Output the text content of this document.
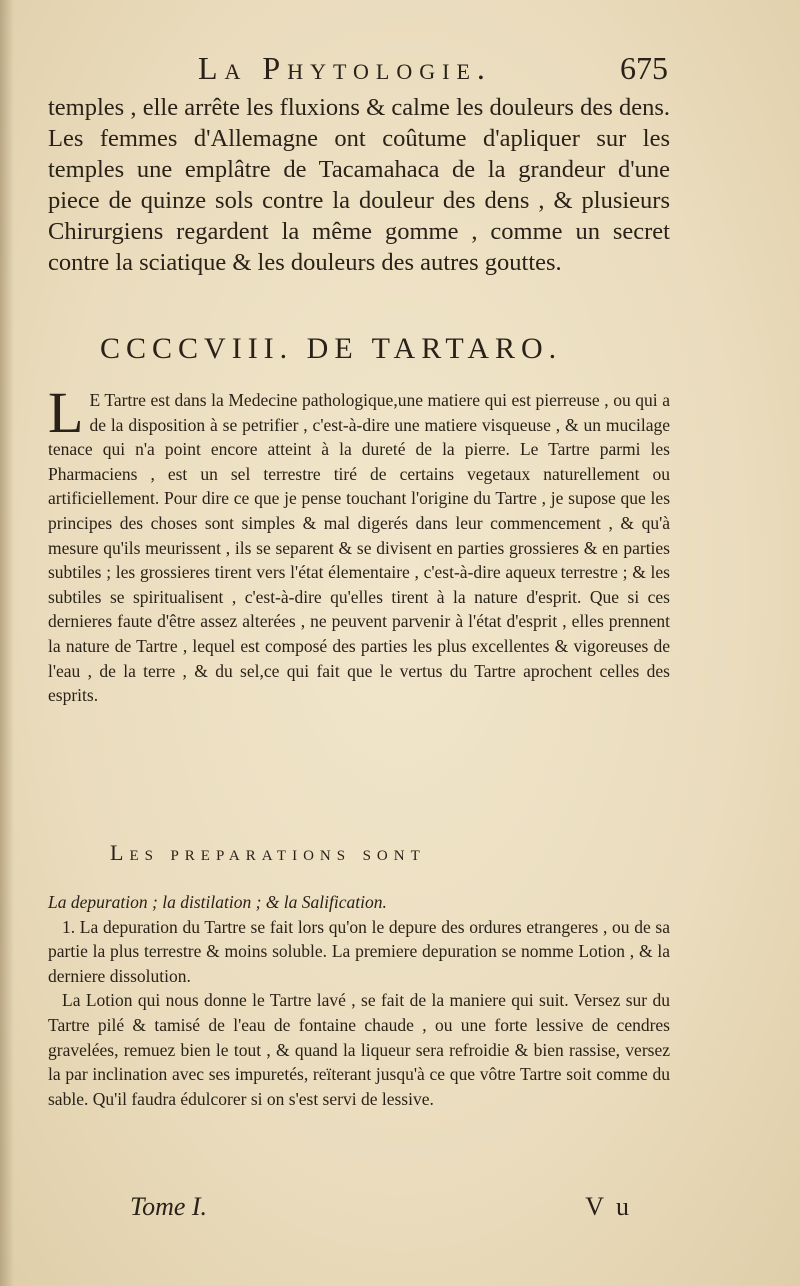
La Phytologie.	675

temples , elle arrête les fluxions & calme les douleurs des dens. Les femmes d'Allemagne ont coûtume d'apliquer sur les temples une emplâtre de Tacamahaca de la grandeur d'une piece de quinze sols contre la douleur des dens , & plusieurs Chirurgiens regardent la même gomme , comme un secret contre la sciatique & les douleurs des autres gouttes.

CCCCVIII. DE TARTARO.

L E Tartre est dans la Medecine pathologique,une matiere qui est pierreuse , ou qui a de la disposition à se petrifier , c'est-à-dire une matiere visqueuse , & un mucilage tenace qui n'a point encore atteint à la dureté de la pierre. Le Tartre parmi les Pharmaciens , est un sel terrestre tiré de certains vegetaux naturellement ou artificiellement. Pour dire ce que je pense touchant l'origine du Tartre , je supose que les principes des choses sont simples & mal digerés dans leur commencement , & qu'à mesure qu'ils meurissent , ils se separent & se divisent en parties grossieres & en parties subtiles ; les grossieres tirent vers l'état élementaire , c'est-à-dire aqueux terrestre ; & les subtiles se spiritualisent , c'est-à-dire qu'elles tirent à la nature d'esprit. Que si ces dernieres faute d'être assez alterées , ne peuvent parvenir à l'état d'esprit , elles prennent la nature de Tartre , lequel est composé des parties les plus excellentes & vigoreuses de l'eau , de la terre , & du sel,ce qui fait que le vertus du Tartre aprochent celles des esprits.

Les preparations sont

La depuration ; la distilation ; & la Salification.

1. La depuration du Tartre se fait lors qu'on le depure des ordures etrangeres , ou de sa partie la plus terrestre & moins soluble. La premiere depuration se nomme Lotion , & la derniere dissolution.

La Lotion qui nous donne le Tartre lavé , se fait de la maniere qui suit. Versez sur du Tartre pilé & tamisé de l'eau de fontaine chaude , ou une forte lessive de cendres gravelées, remuez bien le tout , & quand la liqueur sera refroidie & bien rassise, versez la par inclination avec ses impuretés, reïterant jusqu'à ce que vôtre Tartre soit comme du sable. Qu'il faudra édulcorer si on s'est servi de lessive.

Tome I.	V u
